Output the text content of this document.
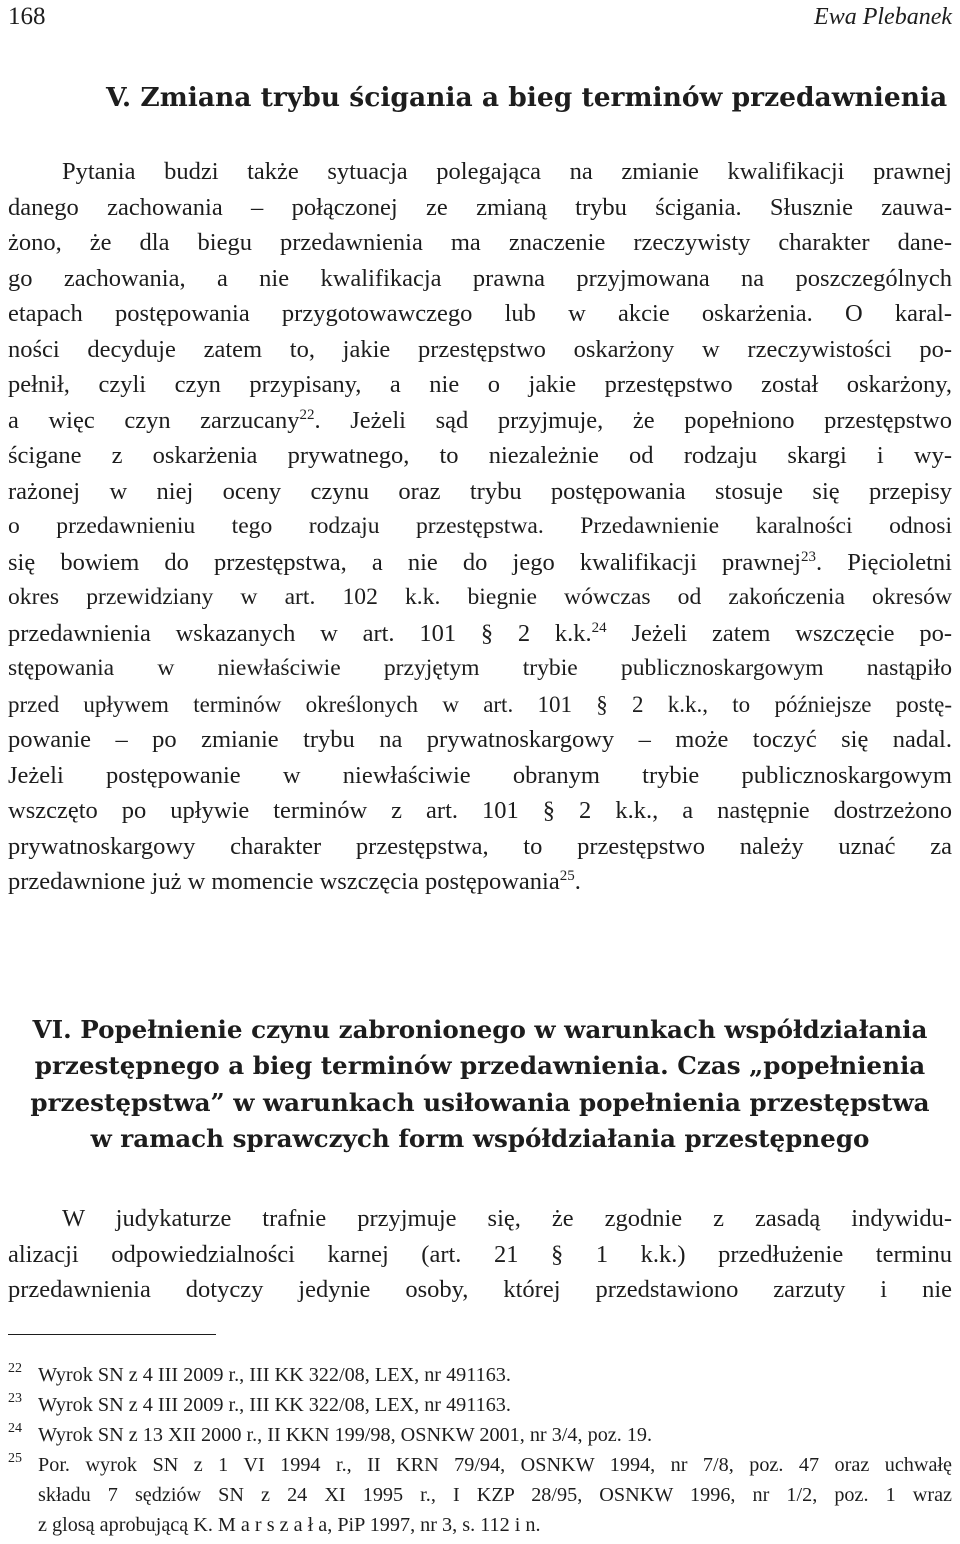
168	Ewa Plebanek
V. Zmiana trybu ścigania a bieg terminów przedawnienia

Pytania budzi także sytuacja polegająca na zmianie kwalifikacji prawnej
danego zachowania – połączonej ze zmianą trybu ścigania. Słusznie zauwa-
żono, że dla biegu przedawnienia ma znaczenie rzeczywisty charakter dane-
go zachowania, a nie kwalifikacja prawna przyjmowana na poszczególnych
etapach postępowania przygotowawczego lub w akcie oskarżenia. O karal-
ności decyduje zatem to, jakie przestępstwo oskarżony w rzeczywistości po-
pełnił, czyli czyn przypisany, a nie o jakie przestępstwo został oskarżony,
a więc czyn zarzucany$^{22}$. Jeżeli sąd przyjmuje, że popełniono przestępstwo
ścigane z oskarżenia prywatnego, to niezależnie od rodzaju skargi i wy-
rażonej w niej oceny czynu oraz trybu postępowania stosuje się przepisy
o przedawnieniu tego rodzaju przestępstwa. Przedawnienie karalności odnosi
się bowiem do przestępstwa, a nie do jego kwalifikacji prawnej$^{23}$. Pięcioletni
okres przewidziany w art. 102 k.k. biegnie wówczas od zakończenia okresów
przedawnienia wskazanych w art. 101 § 2 k.k.$^{24}$ Jeżeli zatem wszczęcie po-
stępowania w niewłaściwie przyjętym trybie publicznoskargowym nastąpiło
przed upływem terminów określonych w art. 101 § 2 k.k., to późniejsze postę-
powanie – po zmianie trybu na prywatnoskargowy – może toczyć się nadal.
Jeżeli postępowanie w niewłaściwie obranym trybie publicznoskargowym
wszczęto po upływie terminów z art. 101 § 2 k.k., a następnie dostrzeżono
prywatnoskargowy charakter przestępstwa, to przestępstwo należy uznać za
przedawnione już w momencie wszczęcia postępowania$^{25}$.

VI. Popełnienie czynu zabronionego w warunkach współdziałania
przestępnego a bieg terminów przedawnienia. Czas „popełnienia
przestępstwa” w warunkach usiłowania popełnienia przestępstwa
w ramach sprawczych form współdziałania przestępnego

W judykaturze trafnie przyjmuje się, że zgodnie z zasadą indywidu-
alizacji odpowiedzialności karnej (art. 21 § 1 k.k.) przedłużenie terminu
przedawnienia dotyczy jedynie osoby, której przedstawiono zarzuty i nie

22 Wyrok SN z 4 III 2009 r., III KK 322/08, LEX, nr 491163.
23 Wyrok SN z 4 III 2009 r., III KK 322/08, LEX, nr 491163.
24 Wyrok SN z 13 XII 2000 r., II KKN 199/98, OSNKW 2001, nr 3/4, poz. 19.
25 Por. wyrok SN z 1 VI 1994 r., II KRN 79/94, OSNKW 1994, nr 7/8, poz. 47 oraz uchwałę
składu 7 sędziów SN z 24 XI 1995 r., I KZP 28/95, OSNKW 1996, nr 1/2, poz. 1 wraz
z glosą aprobującą K. M a r s z a ł a, PiP 1997, nr 3, s. 112 i n.
